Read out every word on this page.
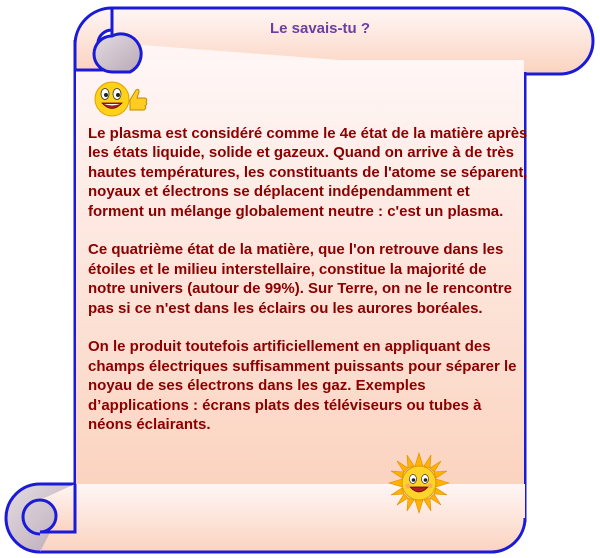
Le savais-tu ?

Le plasma est considéré comme le 4e état de la matière après les états liquide, solide et gazeux. Quand on arrive à de très hautes températures, les constituants de l'atome se séparent, noyaux et électrons se déplacent indépendamment et forment un mélange globalement neutre : c'est un plasma.

Ce quatrième état de la matière, que l'on retrouve dans les étoiles et le milieu interstellaire, constitue la majorité de notre univers (autour de 99%). Sur Terre, on ne le rencontre pas si ce n'est dans les éclairs ou les aurores boréales.

On le produit toutefois artificiellement en appliquant des champs électriques suffisamment puissants pour séparer le noyau de ses électrons dans les gaz. Exemples d’applications : écrans plats des téléviseurs ou tubes à néons éclairants.
